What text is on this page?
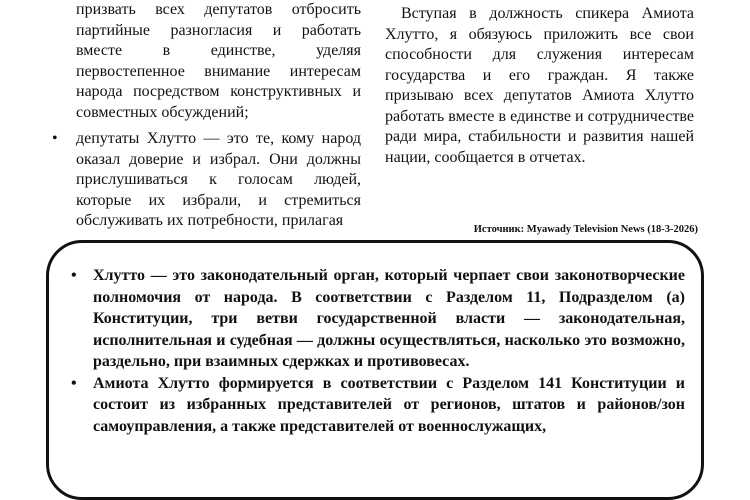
призвать всех депутатов отбросить партийные разногласия и работать вместе в единстве, уделяя первостепенное внимание интересам народа посредством конструктивных и совместных обсуждений;
• депутаты Хлутто — это те, кому народ оказал доверие и избрал. Они должны прислушиваться к голосам людей, которые их избрали, и стремиться обслуживать их потребности, прилагая

Вступая в должность спикера Амиота Хлутто, я обязуюсь приложить все свои способности для служения интересам государства и его граждан. Я также призываю всех депутатов Амиота Хлутто работать вместе в единстве и сотрудничестве ради мира, стабильности и развития нашей нации, сообщается в отчетах.

Источник: Myawady Television News (18-3-2026)
• Хлутто — это законодательный орган, который черпает свои законотворческие полномочия от народа. В соответствии с Разделом 11, Подразделом (а) Конституции, три ветви государственной власти — законодательная, исполнительная и судебная — должны осуществляться, насколько это возможно, раздельно, при взаимных сдержках и противовесах.
• Амиота Хлутто формируется в соответствии с Разделом 141 Конституции и состоит из избранных представителей от регионов, штатов и районов/зон самоуправления, а также представителей от военнослужащих,
